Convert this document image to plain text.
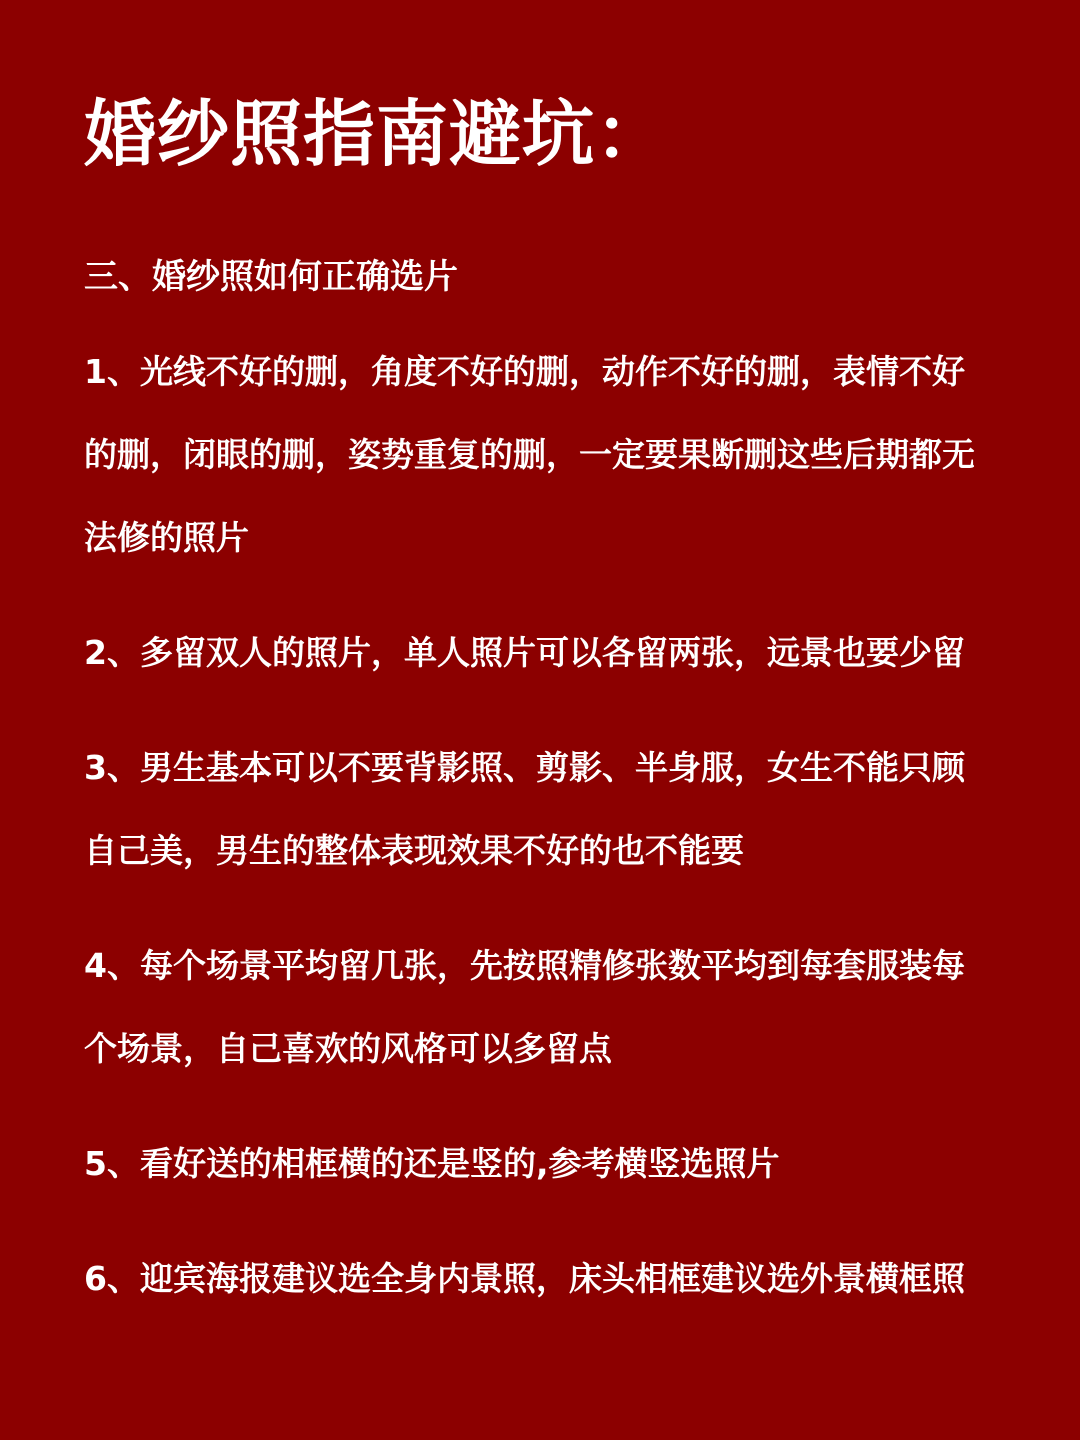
婚纱照指南避坑：
三、婚纱照如何正确选片

1、光线不好的删，角度不好的删，动作不好的删，表情不好的删，闭眼的删，姿势重复的删，一定要果断删这些后期都无法修的照片

2、多留双人的照片，单人照片可以各留两张，远景也要少留

3、男生基本可以不要背影照、剪影、半身服，女生不能只顾自己美，男生的整体表现效果不好的也不能要

4、每个场景平均留几张，先按照精修张数平均到每套服装每个场景，自己喜欢的风格可以多留点

5、看好送的相框横的还是竖的,参考横竖选照片

6、迎宾海报建议选全身内景照，床头相框建议选外景横框照
